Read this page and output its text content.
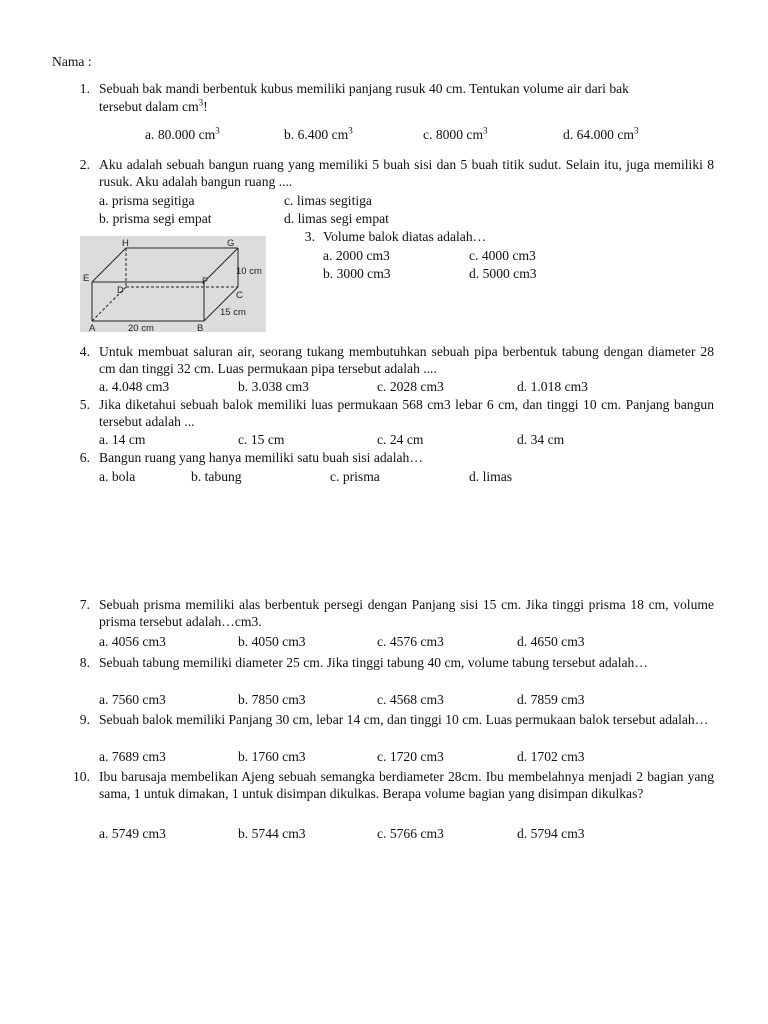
Nama :
1. Sebuah bak mandi berbentuk kubus memiliki panjang rusuk 40 cm. Tentukan volume air dari bak
tersebut dalam $cm^3$!
a. 80.000 $cm^3$	b. 6.400 $cm^3$	c. 8000 $cm^3$	d. 64.000 $cm^3$
2. Aku adalah sebuah bangun ruang yang memiliki 5 buah sisi dan 5 buah titik sudut. Selain itu, juga memiliki 8 rusuk. Aku adalah bangun ruang ....
a. prisma segitiga	c. limas segitiga
b. prisma segi empat	d. limas segi empat
H	G
E	F
D	C
A	B
10 cm
15 cm
20 cm
3. Volume balok diatas adalah…
a. 2000 cm3	c. 4000 cm3
b. 3000 cm3	d. 5000 cm3
4. Untuk membuat saluran air, seorang tukang membutuhkan sebuah pipa berbentuk tabung dengan diameter 28 cm dan tinggi 32 cm. Luas permukaan pipa tersebut adalah ....
a. 4.048 cm3	b. 3.038 cm3	c. 2028 cm3	d. 1.018 cm3
5. Jika diketahui sebuah balok memiliki luas permukaan 568 cm3 lebar 6 cm, dan tinggi 10 cm. Panjang bangun tersebut adalah ...
a. 14 cm	c. 15 cm	c. 24 cm	d. 34 cm
6. Bangun ruang yang hanya memiliki satu buah sisi adalah…
a. bola	b. tabung	c. prisma	d. limas
7. Sebuah prisma memiliki alas berbentuk persegi dengan Panjang sisi 15 cm. Jika tinggi prisma 18 cm, volume prisma tersebut adalah…cm3.
a. 4056 cm3	b. 4050 cm3	c. 4576 cm3	d. 4650 cm3
8. Sebuah tabung memiliki diameter 25 cm. Jika tinggi tabung 40 cm, volume tabung tersebut adalah…
a. 7560 cm3	b. 7850 cm3	c. 4568 cm3	d. 7859 cm3
9. Sebuah balok memiliki Panjang 30 cm, lebar 14 cm, dan tinggi 10 cm. Luas permukaan balok tersebut adalah…
a. 7689 cm3	b. 1760 cm3	c. 1720 cm3	d. 1702 cm3
10. Ibu barusaja membelikan Ajeng sebuah semangka berdiameter 28cm. Ibu membelahnya menjadi 2 bagian yang sama, 1 untuk dimakan, 1 untuk disimpan dikulkas. Berapa volume bagian yang disimpan dikulkas?
a. 5749 cm3	b. 5744 cm3	c. 5766 cm3	d. 5794 cm3
